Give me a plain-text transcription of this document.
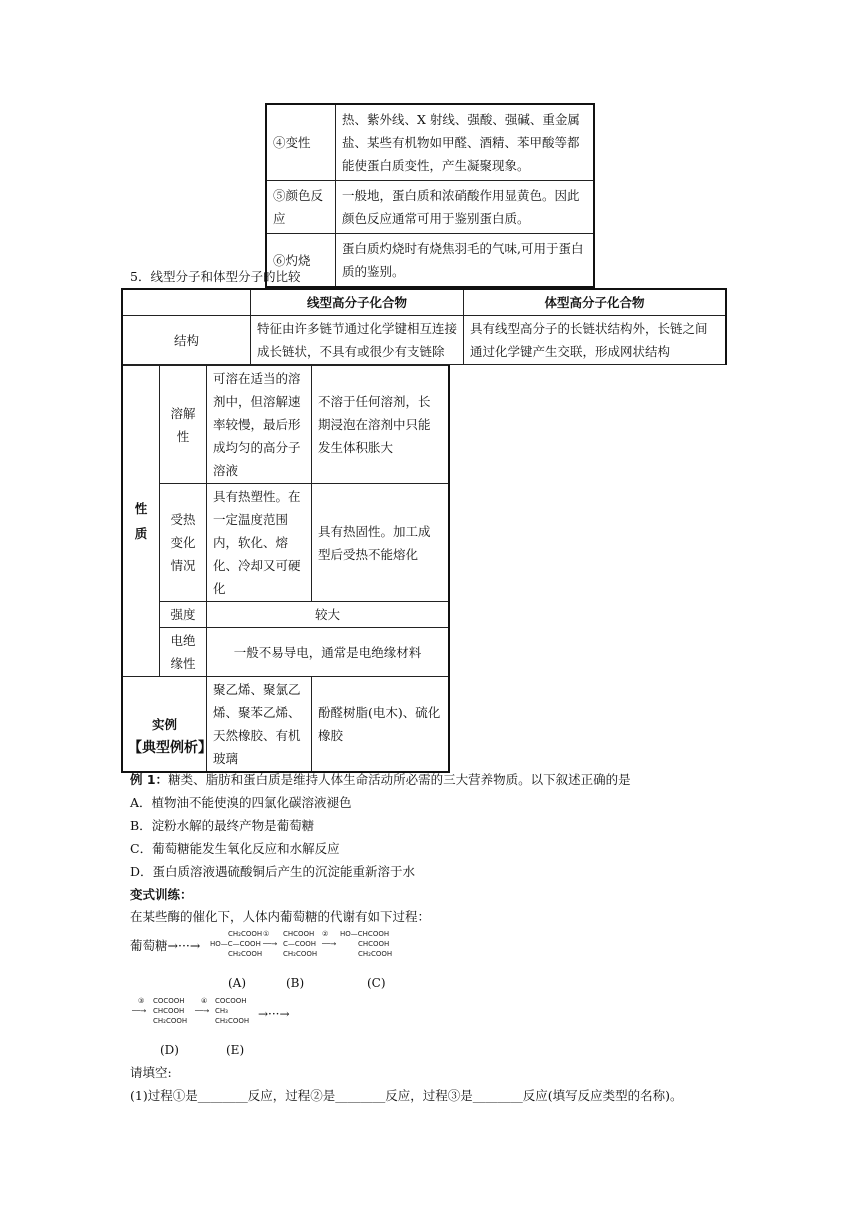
④变性	热、紫外线、X 射线、强酸、强碱、重金属盐、某些有机物如甲醛、酒精、苯甲酸等都能使蛋白质变性，产生凝聚现象。
⑤颜色反应	一般地，蛋白质和浓硝酸作用显黄色。因此颜色反应通常可用于鉴别蛋白质。
⑥灼烧	蛋白质灼烧时有烧焦羽毛的气味,可用于蛋白质的鉴别。
5．线型分子和体型分子的比较
	线型高分子化合物	体型高分子化合物
结构	特征由许多链节通过化学键相互连接成长链状，不具有或很少有支链除	具有线型高分子的长链状结构外，长链之间通过化学键产生交联，形成网状结构
性质	溶解性	可溶在适当的溶剂中，但溶解速率较慢，最后形成均匀的高分子溶液	不溶于任何溶剂，长期浸泡在溶剂中只能发生体积胀大
	受热变化情况	具有热塑性。在一定温度范围内，软化、熔化、冷却又可硬化	具有热固性。加工成型后受热不能熔化
	强度	较大	
	电绝缘性	一般不易导电，通常是电绝缘材料	
实例		聚乙烯、聚氯乙烯、聚苯乙烯、天然橡胶、有机玻璃	酚醛树脂(电木)、硫化橡胶
【典型例析】
例 1：糖类、脂肪和蛋白质是维持人体生命活动所必需的三大营养物质。以下叙述正确的是
A．植物油不能使溴的四氯化碳溶液褪色
B．淀粉水解的最终产物是葡萄糖
C．葡萄糖能发生氧化反应和水解反应
D．蛋白质溶液遇硫酸铜后产生的沉淀能重新溶于水
变式训练：
在某些酶的催化下，人体内葡萄糖的代谢有如下过程：
葡萄糖→···→
CH₂COOH
HO—C—COOH
CH₂COOH
①
──→
CHCOOH
C—COOH
CH₂COOH
②
──→
HO—CHCOOH
CHCOOH
CH₂COOH
(A)	(B)	(C)
③
──→
COCOOH
CHCOOH
CH₂COOH
④
──→
COCOOH
CH₃
CH₂COOH →···→
(D)	(E)
请填空:
(1)过程①是________反应，过程②是________反应，过程③是________反应(填写反应类型的名称)。
